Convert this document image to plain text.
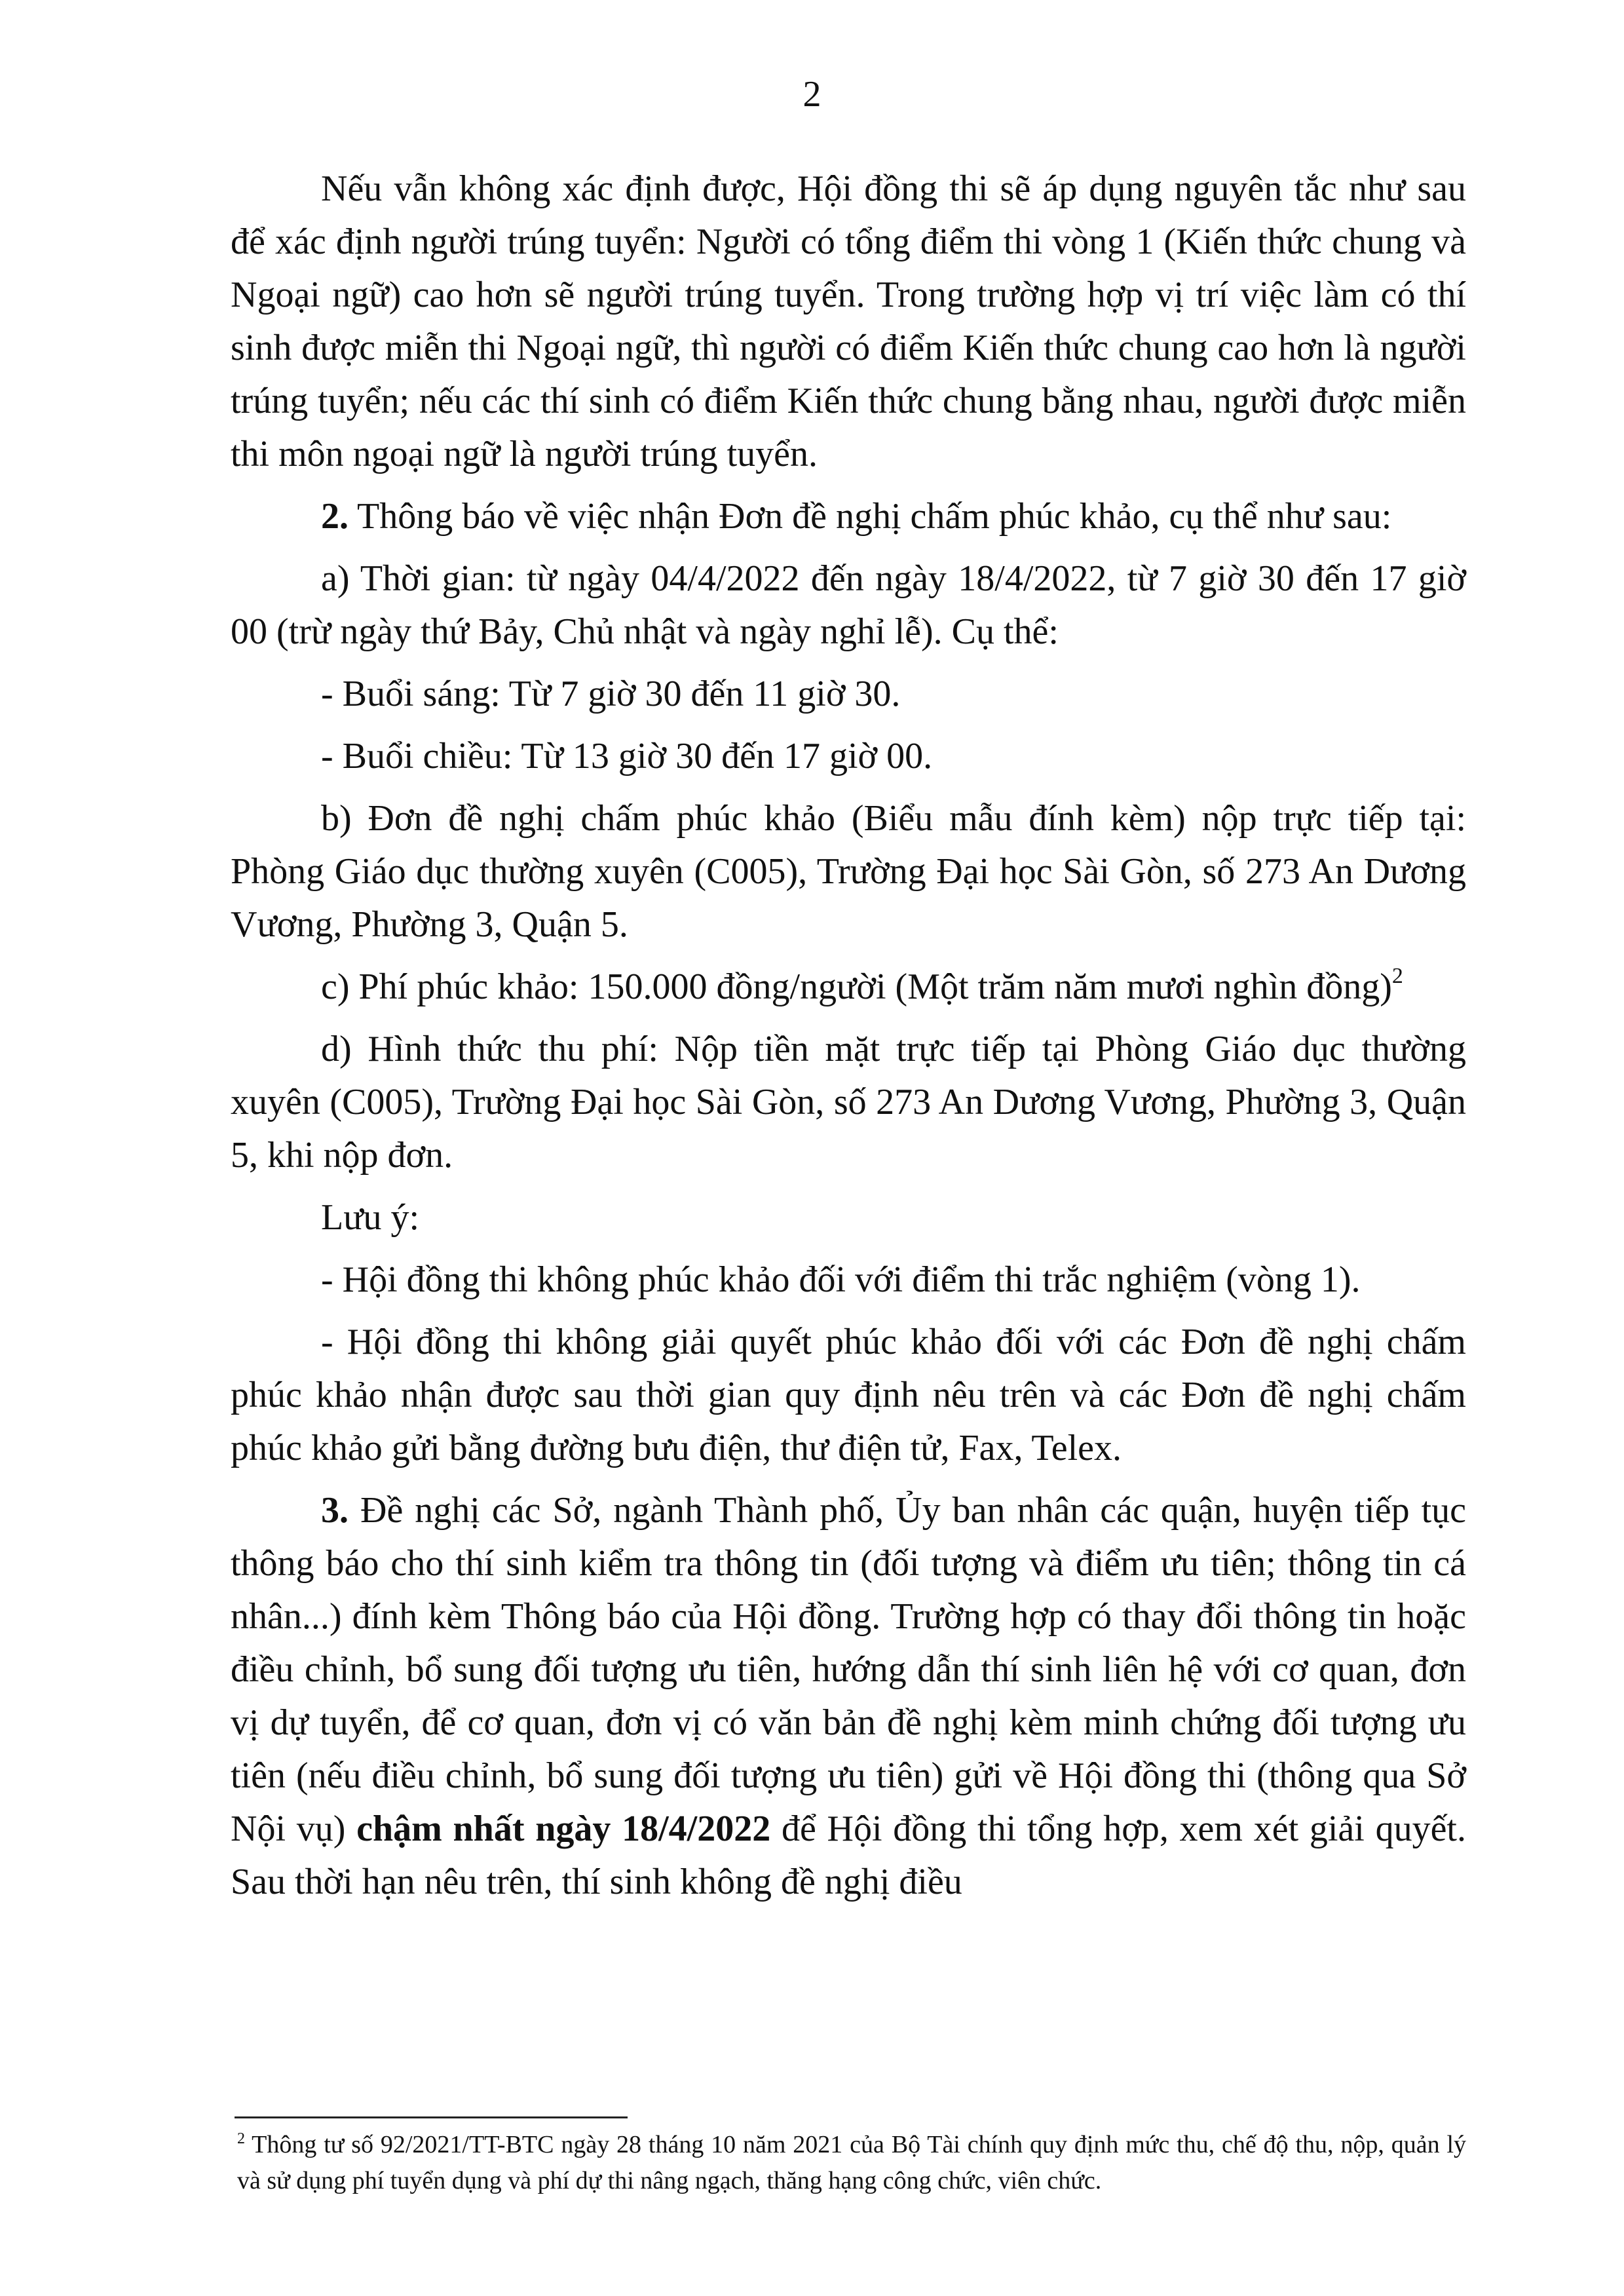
2

Nếu vẫn không xác định được, Hội đồng thi sẽ áp dụng nguyên tắc như sau để xác định người trúng tuyển: Người có tổng điểm thi vòng 1 (Kiến thức chung và Ngoại ngữ) cao hơn sẽ người trúng tuyển. Trong trường hợp vị trí việc làm có thí sinh được miễn thi Ngoại ngữ, thì người có điểm Kiến thức chung cao hơn là người trúng tuyển; nếu các thí sinh có điểm Kiến thức chung bằng nhau, người được miễn thi môn ngoại ngữ là người trúng tuyển.

2. Thông báo về việc nhận Đơn đề nghị chấm phúc khảo, cụ thể như sau:

a) Thời gian: từ ngày 04/4/2022 đến ngày 18/4/2022, từ 7 giờ 30 đến 17 giờ 00 (trừ ngày thứ Bảy, Chủ nhật và ngày nghỉ lễ). Cụ thể:

- Buổi sáng: Từ 7 giờ 30 đến 11 giờ 30.

- Buổi chiều: Từ 13 giờ 30 đến 17 giờ 00.

b) Đơn đề nghị chấm phúc khảo (Biểu mẫu đính kèm) nộp trực tiếp tại: Phòng Giáo dục thường xuyên (C005), Trường Đại học Sài Gòn, số 273 An Dương Vương, Phường 3, Quận 5.

c) Phí phúc khảo: 150.000 đồng/người (Một trăm năm mươi nghìn đồng)$^2$

d) Hình thức thu phí: Nộp tiền mặt trực tiếp tại Phòng Giáo dục thường xuyên (C005), Trường Đại học Sài Gòn, số 273 An Dương Vương, Phường 3, Quận 5, khi nộp đơn.

Lưu ý:

- Hội đồng thi không phúc khảo đối với điểm thi trắc nghiệm (vòng 1).

- Hội đồng thi không giải quyết phúc khảo đối với các Đơn đề nghị chấm phúc khảo nhận được sau thời gian quy định nêu trên và các Đơn đề nghị chấm phúc khảo gửi bằng đường bưu điện, thư điện tử, Fax, Telex.

3. Đề nghị các Sở, ngành Thành phố, Ủy ban nhân các quận, huyện tiếp tục thông báo cho thí sinh kiểm tra thông tin (đối tượng và điểm ưu tiên; thông tin cá nhân...) đính kèm Thông báo của Hội đồng. Trường hợp có thay đổi thông tin hoặc điều chỉnh, bổ sung đối tượng ưu tiên, hướng dẫn thí sinh liên hệ với cơ quan, đơn vị dự tuyển, để cơ quan, đơn vị có văn bản đề nghị kèm minh chứng đối tượng ưu tiên (nếu điều chỉnh, bổ sung đối tượng ưu tiên) gửi về Hội đồng thi (thông qua Sở Nội vụ) chậm nhất ngày 18/4/2022 để Hội đồng thi tổng hợp, xem xét giải quyết. Sau thời hạn nêu trên, thí sinh không đề nghị điều

$^2$ Thông tư số 92/2021/TT-BTC ngày 28 tháng 10 năm 2021 của Bộ Tài chính quy định mức thu, chế độ thu, nộp, quản lý và sử dụng phí tuyển dụng và phí dự thi nâng ngạch, thăng hạng công chức, viên chức.
